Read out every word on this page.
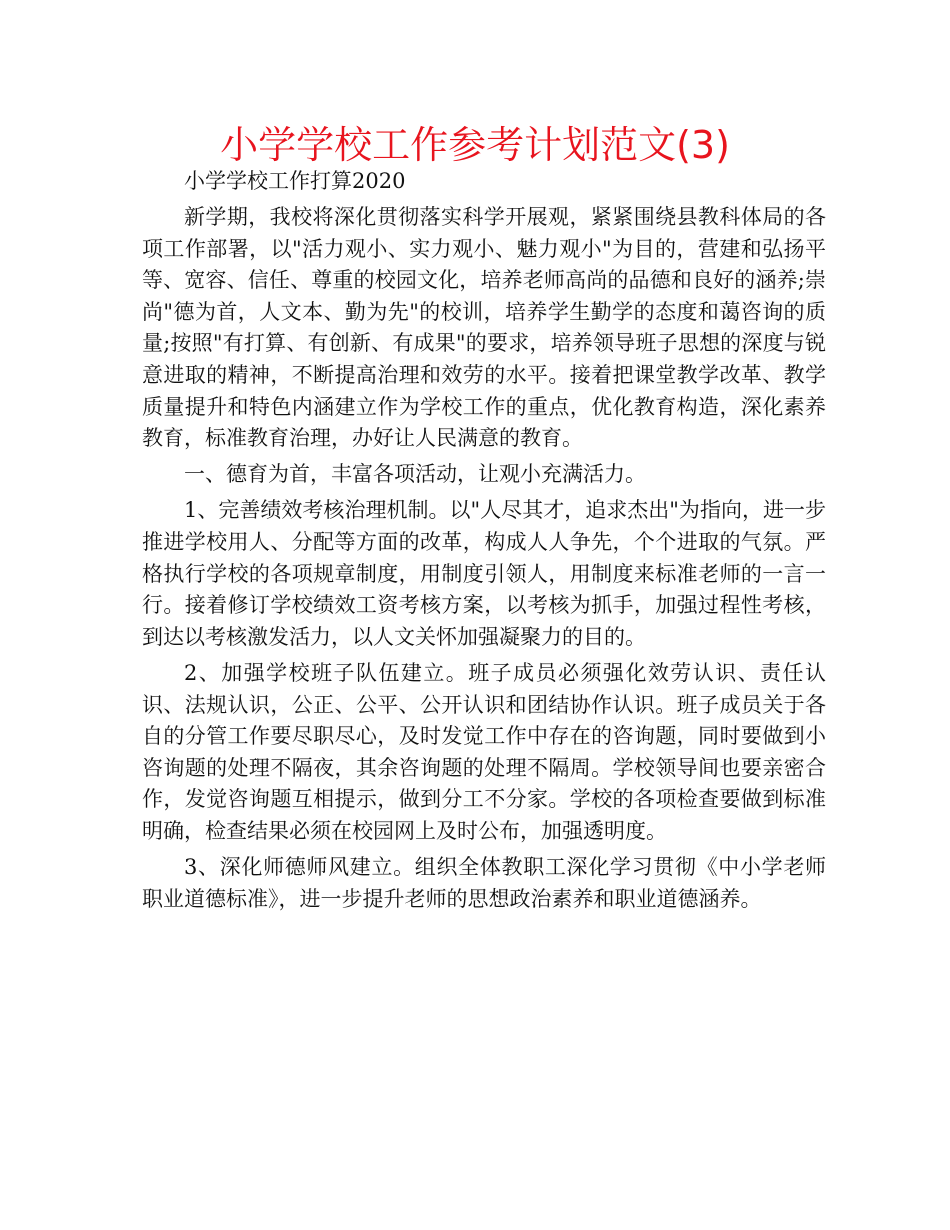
小学学校工作参考计划范文(3)

小学学校工作打算2020

新学期，我校将深化贯彻落实科学开展观，紧紧围绕县教科体局的各项工作部署，以"活力观小、实力观小、魅力观小"为目的，营建和弘扬平等、宽容、信任、尊重的校园文化，培养老师高尚的品德和良好的涵养;崇尚"德为首，人文本、勤为先"的校训，培养学生勤学的态度和蔼咨询的质量;按照"有打算、有创新、有成果"的要求，培养领导班子思想的深度与锐意进取的精神，不断提高治理和效劳的水平。接着把课堂教学改革、教学质量提升和特色内涵建立作为学校工作的重点，优化教育构造，深化素养教育，标准教育治理，办好让人民满意的教育。

一、德育为首，丰富各项活动，让观小充满活力。

1、完善绩效考核治理机制。以"人尽其才，追求杰出"为指向，进一步推进学校用人、分配等方面的改革，构成人人争先，个个进取的气氛。严格执行学校的各项规章制度，用制度引领人，用制度来标准老师的一言一行。接着修订学校绩效工资考核方案，以考核为抓手，加强过程性考核，到达以考核激发活力，以人文关怀加强凝聚力的目的。

2、加强学校班子队伍建立。班子成员必须强化效劳认识、责任认识、法规认识，公正、公平、公开认识和团结协作认识。班子成员关于各自的分管工作要尽职尽心，及时发觉工作中存在的咨询题，同时要做到小咨询题的处理不隔夜，其余咨询题的处理不隔周。学校领导间也要亲密合作，发觉咨询题互相提示，做到分工不分家。学校的各项检查要做到标准明确，检查结果必须在校园网上及时公布，加强透明度。

3、深化师德师风建立。组织全体教职工深化学习贯彻《中小学老师职业道德标准》，进一步提升老师的思想政治素养和职业道德涵养。
